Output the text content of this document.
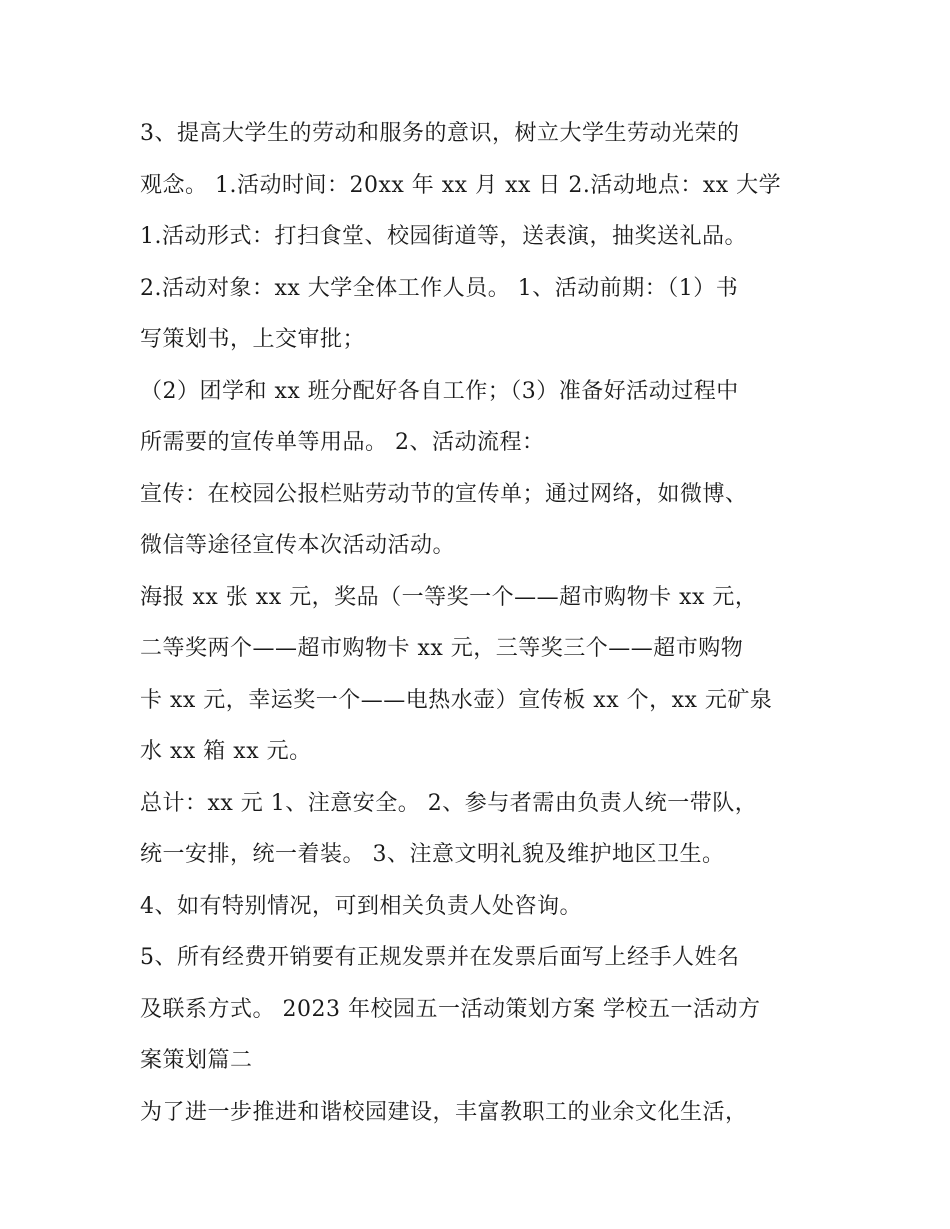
3、提高大学生的劳动和服务的意识，树立大学生劳动光荣的
观念。 1.活动时间：20xx 年 xx 月 xx 日 2.活动地点：xx 大学
1.活动形式：打扫食堂、校园街道等，送表演，抽奖送礼品。
2.活动对象：xx 大学全体工作人员。 1、活动前期：（1）书
写策划书，上交审批；
（2）团学和 xx 班分配好各自工作；（3）准备好活动过程中
所需要的宣传单等用品。 2、活动流程：
宣传：在校园公报栏贴劳动节的宣传单；通过网络，如微博、
微信等途径宣传本次活动活动。
海报 xx 张 xx 元，奖品（一等奖一个——超市购物卡 xx 元，
二等奖两个——超市购物卡 xx 元，三等奖三个——超市购物
卡 xx 元，幸运奖一个——电热水壶）宣传板 xx 个，xx 元矿泉
水 xx 箱 xx 元。
总计：xx 元 1、注意安全。 2、参与者需由负责人统一带队，
统一安排，统一着装。 3、注意文明礼貌及维护地区卫生。
4、如有特别情况，可到相关负责人处咨询。
5、所有经费开销要有正规发票并在发票后面写上经手人姓名
及联系方式。 2023 年校园五一活动策划方案 学校五一活动方
案策划篇二
为了进一步推进和谐校园建设，丰富教职工的业余文化生活，
